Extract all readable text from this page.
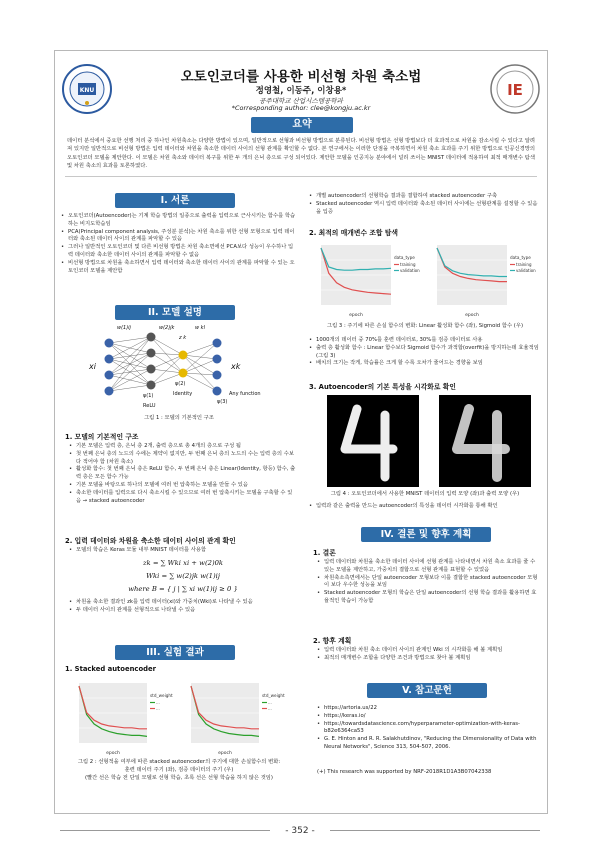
KNU	IE
오토인코더를 사용한 비선형 차원 축소법
정영철, 이동주, 이창용*
공주대학교 산업시스템공학과
*Corresponding author: clee@kongju.ac.kr
요약
데이터 분석에서 중요한 선행 처리 중 하나인 차원축소는 다양한 방법이 있으며, 일반적으로 선형과 비선형 방법으로 분류된다. 비선형 방법은 선형 방법보다 더 효과적으로 차원을 감소시킬 수 있다고 알려져 있지만 일반적으로 비선형 방법은 입력 데이터와 차원을 축소한 데이터 사이의 선형 관계를 확인할 수 없다. 본 연구에서는 이러한 단점을 극복하면서 차원 축소 효과를 주기 위한 방법으로 인공신경망의 오토인코더 모델을 제안한다. 이 모델은 차원 축소와 데이터 복구를 위한 두 개의 은닉 층으로 구성 되어있다. 제안한 모델을 인공지능 분야에서 널리 쓰이는 MNIST 데이터에 적용하여 최적 매개변수 탐색 및 차원 축소의 효과를 토론하였다.
I. 서론
• 오토인코더(Autoencoder)는 기계 학습 방법의 일종으로 출력을 입력으로 근사시키는 함수를 학습하는 비지도학습임
• PCA(Principal component analysis, 주성분 분석)는 차원 축소를 위한 선형 모형으로 입력 데이터와 축소된 데이터 사이의 관계를 파악할 수 있음
• 그러나 일반적인 오토인코더 및 다른 비선형 방법은 차원 축소면에선 PCA보다 성능이 우수하나 입력 데이터와 축소한 데이터 사이의 관계를 파악할 수 없음
• 비선형 방법으로 차원을 축소하면서 입력 데이터와 축소한 데이터 사이의 관계를 파악할 수 있는 오토인코더 모델을 제안함
II. 모델 설명
xi	xk
w(1)ij	w(2)jk
z k
w kl
ψ(1)
ψ(2)
ψ(3)
ReLU
Identity	Any function
그림 1 : 모델의 기본적인 구조
1. 모델의 기본적인 구조
• 기본 모델은 입력 층, 은닉 층 2개, 출력 층으로 총 4개의 층으로 구성 됨
• 첫 번째 은닉 층의 노드의 수에는 제약이 없지만, 두 번째 은닉 층의 노드의 수는 입력 층의 수보다 적어야 함 (차원 축소)
• 활성화 함수: 첫 번째 은닉 층은 ReLU 함수, 두 번째 은닉 층은 Linear(Identity, 항등) 함수, 출력 층은 모든 함수 가능
• 기본 모델을 바탕으로 하나의 모델에 여러 번 압축하는 모델을 만들 수 있음
• 축소한 데이터를 입력으로 다시 축소시킬 수 있으므로 여러 번 압축시키는 모델을 구축할 수 있음 → stacked autoencoder
2. 입력 데이터와 차원을 축소한 데이터 사이의 관계 확인
• 모델의 학습은 Keras 모듈 내부 MNIST 데이터를 사용함
zk = ∑ Wki xi + w(2)0k
Wki = ∑ w(2)jk w(1)ij
where B = { j | ∑ xi w(1)ij ≥ 0 }
• 차원을 축소한 결과인 zk를 입력 데이터(xi)와 가중치(Wki)로 나타낼 수 있음
• 두 데이터 사이의 관계를 선형적으로 나타낼 수 있음
III. 실험 결과
1. Stacked autoencoder
epoch
std_weight
...
...
epoch
std_weight
...
...
그림 2 : 선형적을 여부에 따른 stacked autoencoder의 주기에 대한 손실함수의 변화:
훈련 데이터 주기 (좌), 검증 데이터의 주기 (우)
(빨간 선은 학습 전 단일 모델로 선형 학습, 초록 선은 선형 학습을 하지 않은 것임)
• 개별 autoencoder의 선형학습 결과를 결합하여 stacked autoencoder 구축
• Stacked autoencoder 역시 입력 데이터와 축소된 데이터 사이에는 선형관계를 설정할 수 있음을 입증
2. 최적의 매개변수 조합 탐색
epoch
data_type
training
validation
epoch
data_type
training
validation
그림 3 : 주기에 따른 손실 함수의 변화: Linear 활성화 함수 (좌), Sigmoid 함수 (우)
• 1000개의 데이터 중 70%를 훈련 데이터로, 30%를 검증 데이터로 사용
• 출력 층 활성화 함수 : Linear 함수보다 Sigmoid 함수가 과적합(overfit)을 방지하는데 효율적임 (그림 3)
• 배치의 크기는 작게, 학습률은 크게 할 수록 오차가 줄어드는 경향을 보임
3. Autoencoder의 기본 특성을 시각화로 확인
그림 4 : 오토인코더에서 사용한 MNIST 데이터의 입력 모양 (좌)과 출력 모양 (우)
• 입력과 같은 출력을 만드는 autoencoder의 특성을 데이터 시각화를 통해 확인
IV. 결론 및 향후 계획
1. 결론
• 입력 데이터와 차원을 축소한 데이터 사이에 선형 관계를 나타내면서 차원 축소 효과를 줄 수 있는 모델을 제안하고, 가중치의 결합으로 선형 관계를 표현할 수 있었음
• 차원축소측면에서는 단일 autoencoder 모형보다 이를 결합한 stacked autoencoder 모형이 보다 우수한 성능을 보임
• Stacked autoencoder 모형의 학습은 단일 autoencoder의 선형 학습 결과를 활용하면 효율적인 학습이 가능함
2. 향후 계획
• 입력 데이터와 차원 축소 데이터 사이의 관계인 Wki 의 시각화를 해 볼 계획임
• 최적의 매개변수 조합을 다양한 조건과 방법으로 찾아 볼 계획임
V. 참고문헌
• https://artoria.us/22
• https://keras.io/
• https://towardsdatascience.com/hyperparameter-optimization-with-keras-b82e6364ca53
• G. E. Hinton and R. R. Salakhutdinov, "Reducing the Dimensionality of Data with Neural Networks", Science 313, 504-507, 2006.
(+) This research was supported by NRF-2018R1D1A3B07042338
- 352 -
